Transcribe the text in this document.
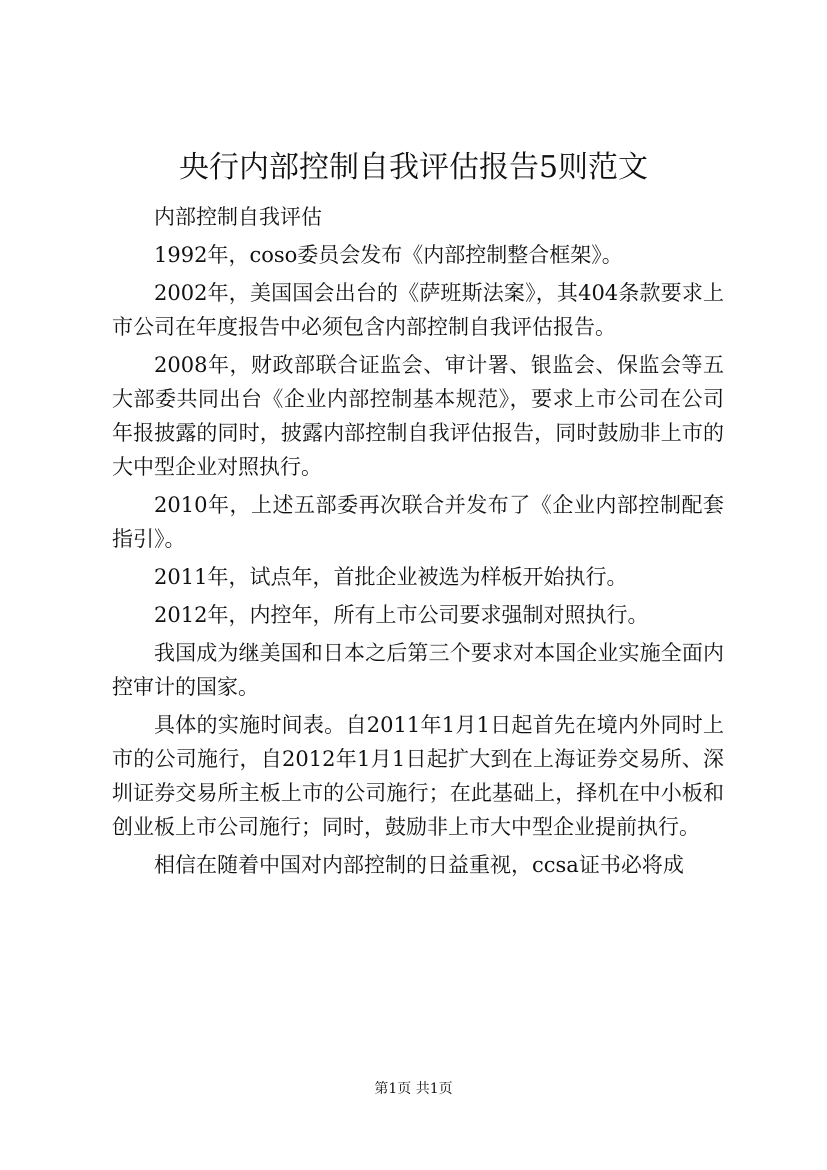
央行内部控制自我评估报告5则范文

内部控制自我评估

1992年，coso委员会发布《内部控制整合框架》。

2002年，美国国会出台的《萨班斯法案》，其404条款要求上市公司在年度报告中必须包含内部控制自我评估报告。

2008年，财政部联合证监会、审计署、银监会、保监会等五大部委共同出台《企业内部控制基本规范》，要求上市公司在公司年报披露的同时，披露内部控制自我评估报告，同时鼓励非上市的大中型企业对照执行。

2010年，上述五部委再次联合并发布了《企业内部控制配套指引》。

2011年，试点年，首批企业被选为样板开始执行。

2012年，内控年，所有上市公司要求强制对照执行。

我国成为继美国和日本之后第三个要求对本国企业实施全面内控审计的国家。

具体的实施时间表。自2011年1月1日起首先在境内外同时上市的公司施行，自2012年1月1日起扩大到在上海证券交易所、深圳证券交易所主板上市的公司施行；在此基础上，择机在中小板和创业板上市公司施行；同时，鼓励非上市大中型企业提前执行。

相信在随着中国对内部控制的日益重视，ccsa证书必将成

第1页 共1页
